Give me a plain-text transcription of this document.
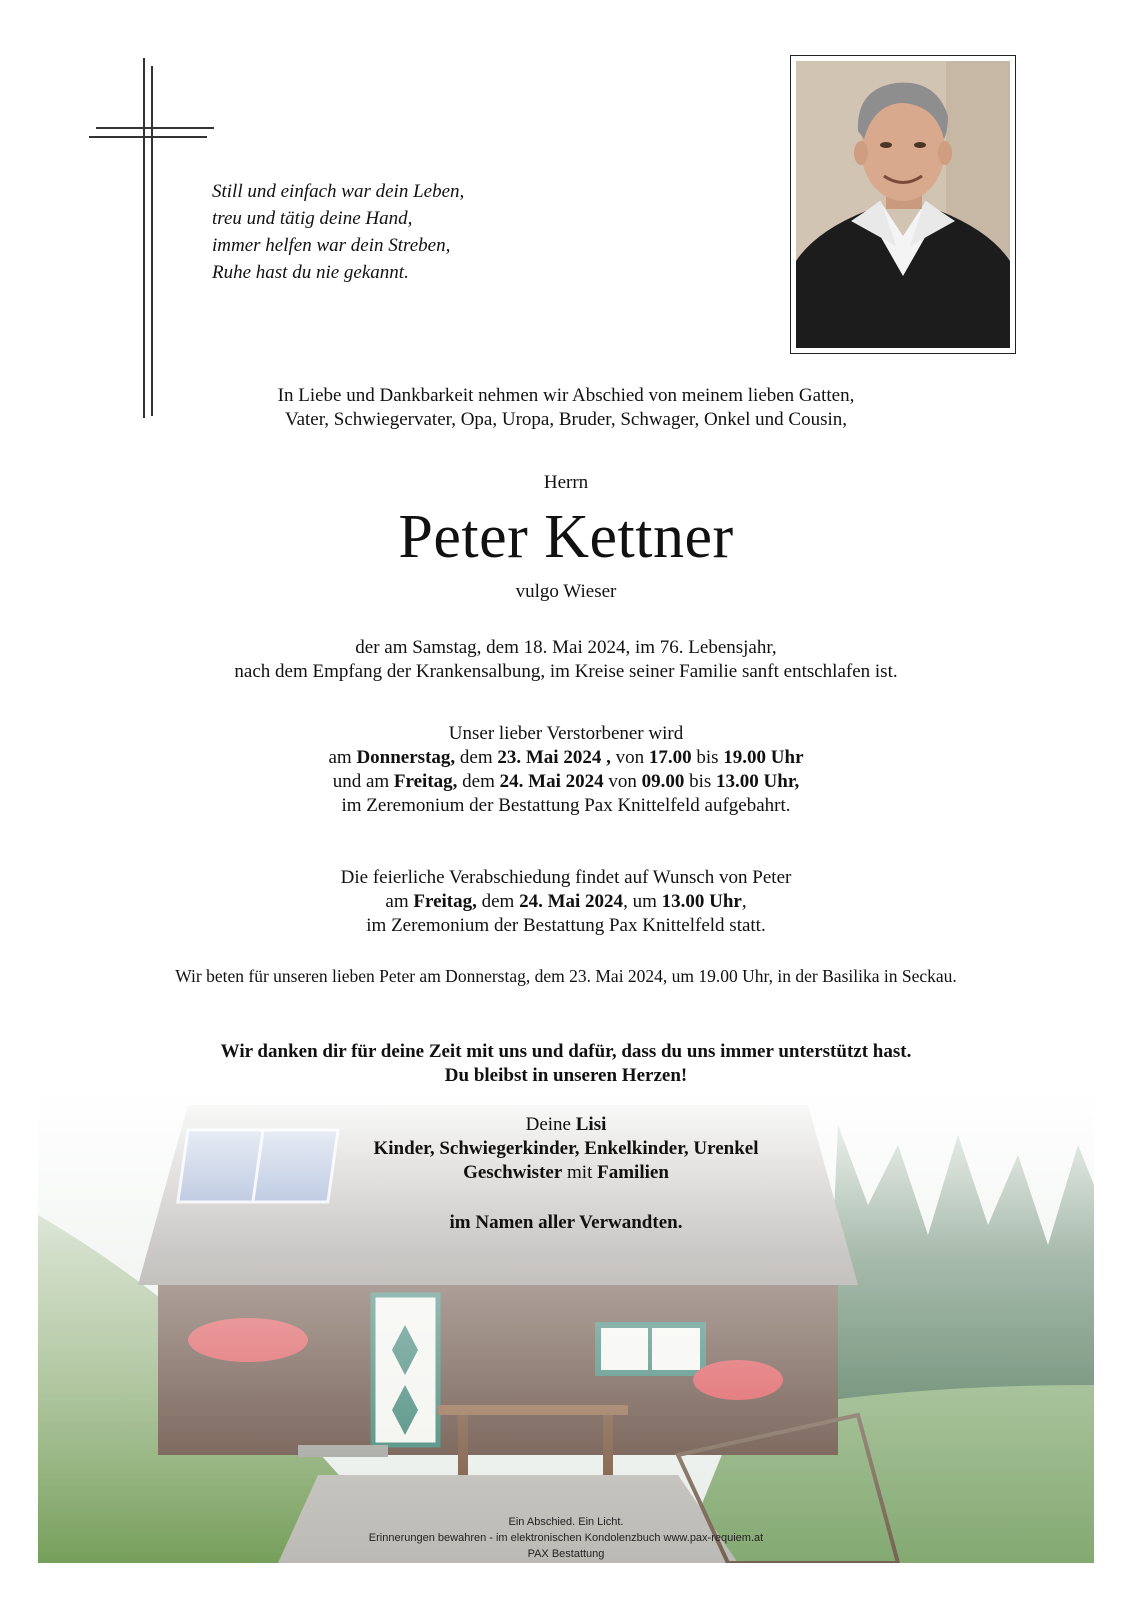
Still und einfach war dein Leben,
treu und tätig deine Hand,
immer helfen war dein Streben,
Ruhe hast du nie gekannt.
In Liebe und Dankbarkeit nehmen wir Abschied von meinem lieben Gatten,
Vater, Schwiegervater, Opa, Uropa, Bruder, Schwager, Onkel und Cousin,
Herrn
Peter Kettner
vulgo Wieser
der am Samstag, dem 18. Mai 2024, im 76. Lebensjahr,
nach dem Empfang der Krankensalbung, im Kreise seiner Familie sanft entschlafen ist.
Unser lieber Verstorbener wird
am Donnerstag, dem 23. Mai 2024 , von 17.00 bis 19.00 Uhr
und am Freitag, dem 24. Mai 2024 von 09.00 bis 13.00 Uhr,
im Zeremonium der Bestattung Pax Knittelfeld aufgebahrt.
Die feierliche Verabschiedung findet auf Wunsch von Peter
am Freitag, dem 24. Mai 2024, um 13.00 Uhr,
im Zeremonium der Bestattung Pax Knittelfeld statt.
Wir beten für unseren lieben Peter am Donnerstag, dem 23. Mai 2024, um 19.00 Uhr, in der Basilika in Seckau.
Wir danken dir für deine Zeit mit uns und dafür, dass du uns immer unterstützt hast.
Du bleibst in unseren Herzen!
Deine Lisi
Kinder, Schwiegerkinder, Enkelkinder, Urenkel
Geschwister mit Familien
im Namen aller Verwandten.
Ein Abschied. Ein Licht.
Erinnerungen bewahren - im elektronischen Kondolenzbuch www.pax-requiem.at
PAX Bestattung
